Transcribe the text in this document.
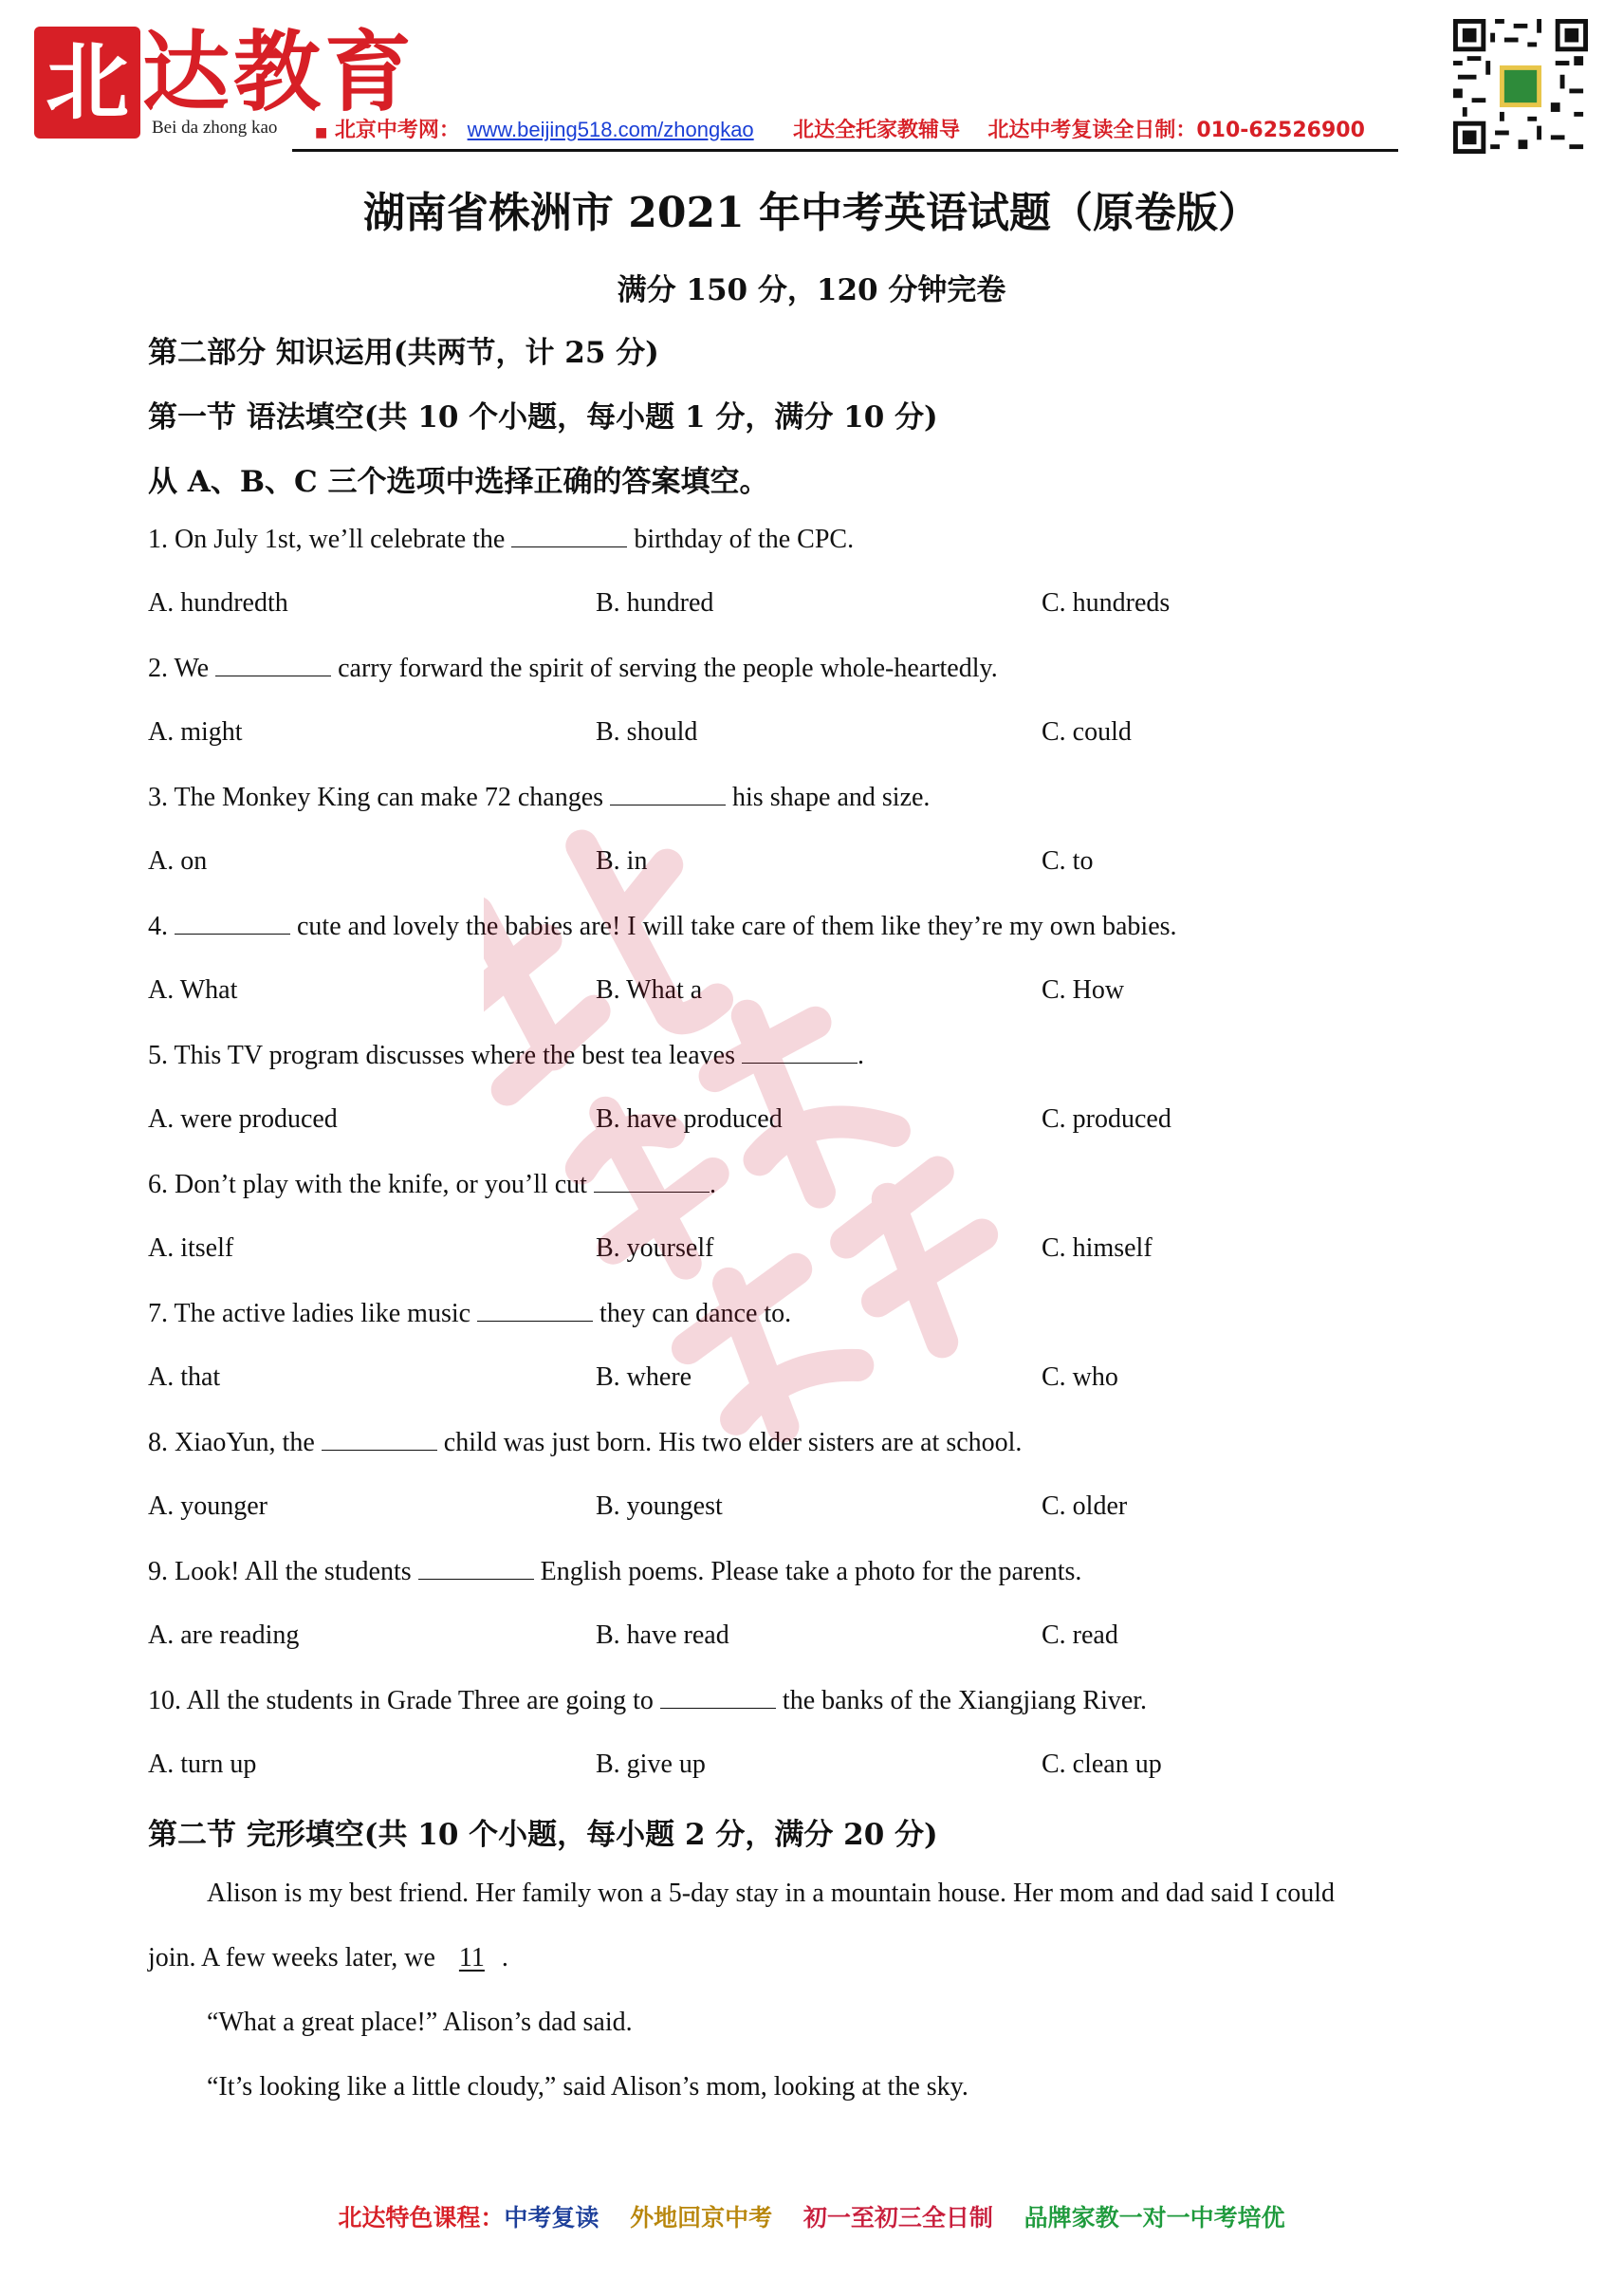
北 达教育
Bei da zhong kao	■ 北京中考网： www.beijing518.com/zhongkao 北达全托家教辅导 北达中考复读全日制：010-62526900
湖南省株洲市 2021 年中考英语试题（原卷版）
满分 150 分，120 分钟完卷
第二部分 知识运用(共两节，计 25 分)
第一节 语法填空(共 10 个小题，每小题 1 分，满分 10 分)
从 A、B、C 三个选项中选择正确的答案填空。
1. On July 1st, we’ll celebrate the	birthday of the CPC.
A. hundredth	B. hundred	C. hundreds
2. We	carry forward the spirit of serving the people whole-heartedly.
A. might	B. should	C. could
3. The Monkey King can make 72 changes	his shape and size.
A. on	B. in	C. to
4.	cute and lovely the babies are! I will take care of them like they’re my own babies.
A. What	B. What a	C. How
5. This TV program discusses where the best tea leaves	.
A. were produced	B. have produced	C. produced
6. Don’t play with the knife, or you’ll cut	.
A. itself	B. yourself	C. himself
7. The active ladies like music	they can dance to.
A. that	B. where	C. who
8. XiaoYun, the	child was just born. His two elder sisters are at school.
A. younger	B. youngest	C. older
9. Look! All the students	English poems. Please take a photo for the parents.
A. are reading	B. have read	C. read
10. All the students in Grade Three are going to	the banks of the Xiangjiang River.
A. turn up	B. give up	C. clean up
第二节 完形填空(共 10 个小题，每小题 2 分，满分 20 分)
Alison is my best friend. Her family won a 5-day stay in a mountain house. Her mom and dad said I could
join. A few weeks later, we 11 .
“What a great place!” Alison’s dad said.
“It’s looking like a little cloudy,” said Alison’s mom, looking at the sky.
北达特色课程：中考复读 外地回京中考 初一至初三全日制 品牌家教一对一中考培优
